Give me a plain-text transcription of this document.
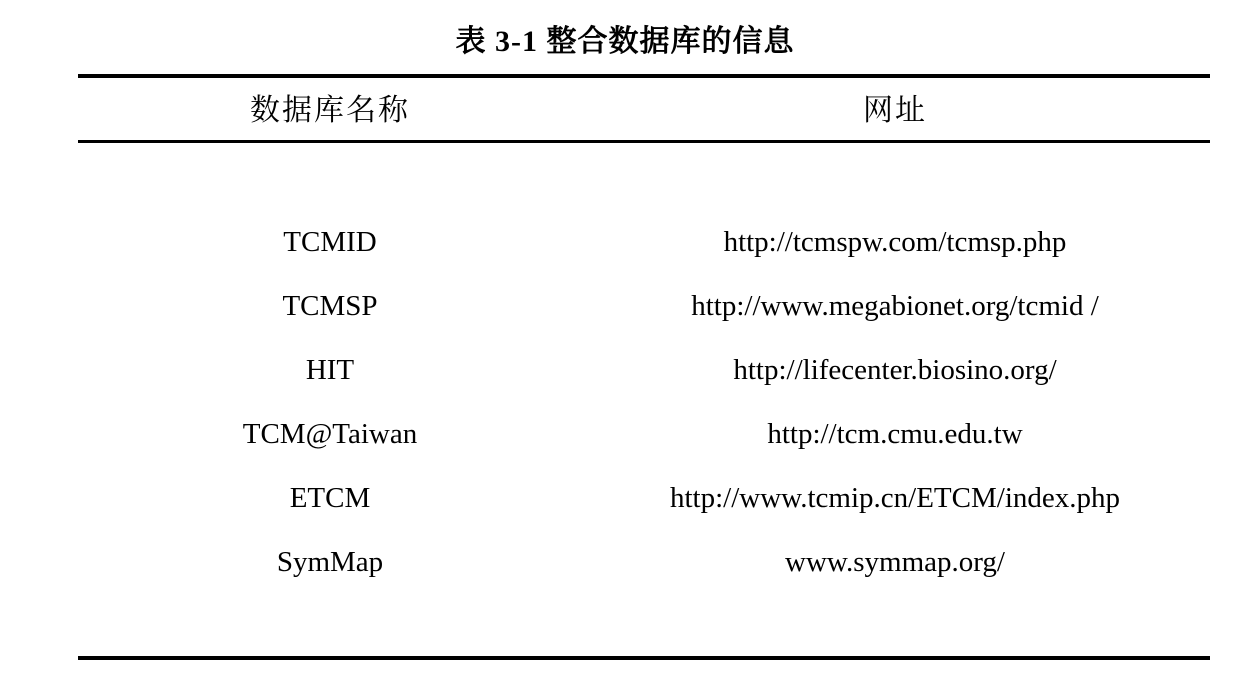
表 3-1 整合数据库的信息
数据库名称	网址
TCMID	http://tcmspw.com/tcmsp.php
TCMSP	http://www.megabionet.org/tcmid /
HIT	http://lifecenter.biosino.org/
TCM@Taiwan	http://tcm.cmu.edu.tw
ETCM	http://www.tcmip.cn/ETCM/index.php
SymMap	www.symmap.org/
